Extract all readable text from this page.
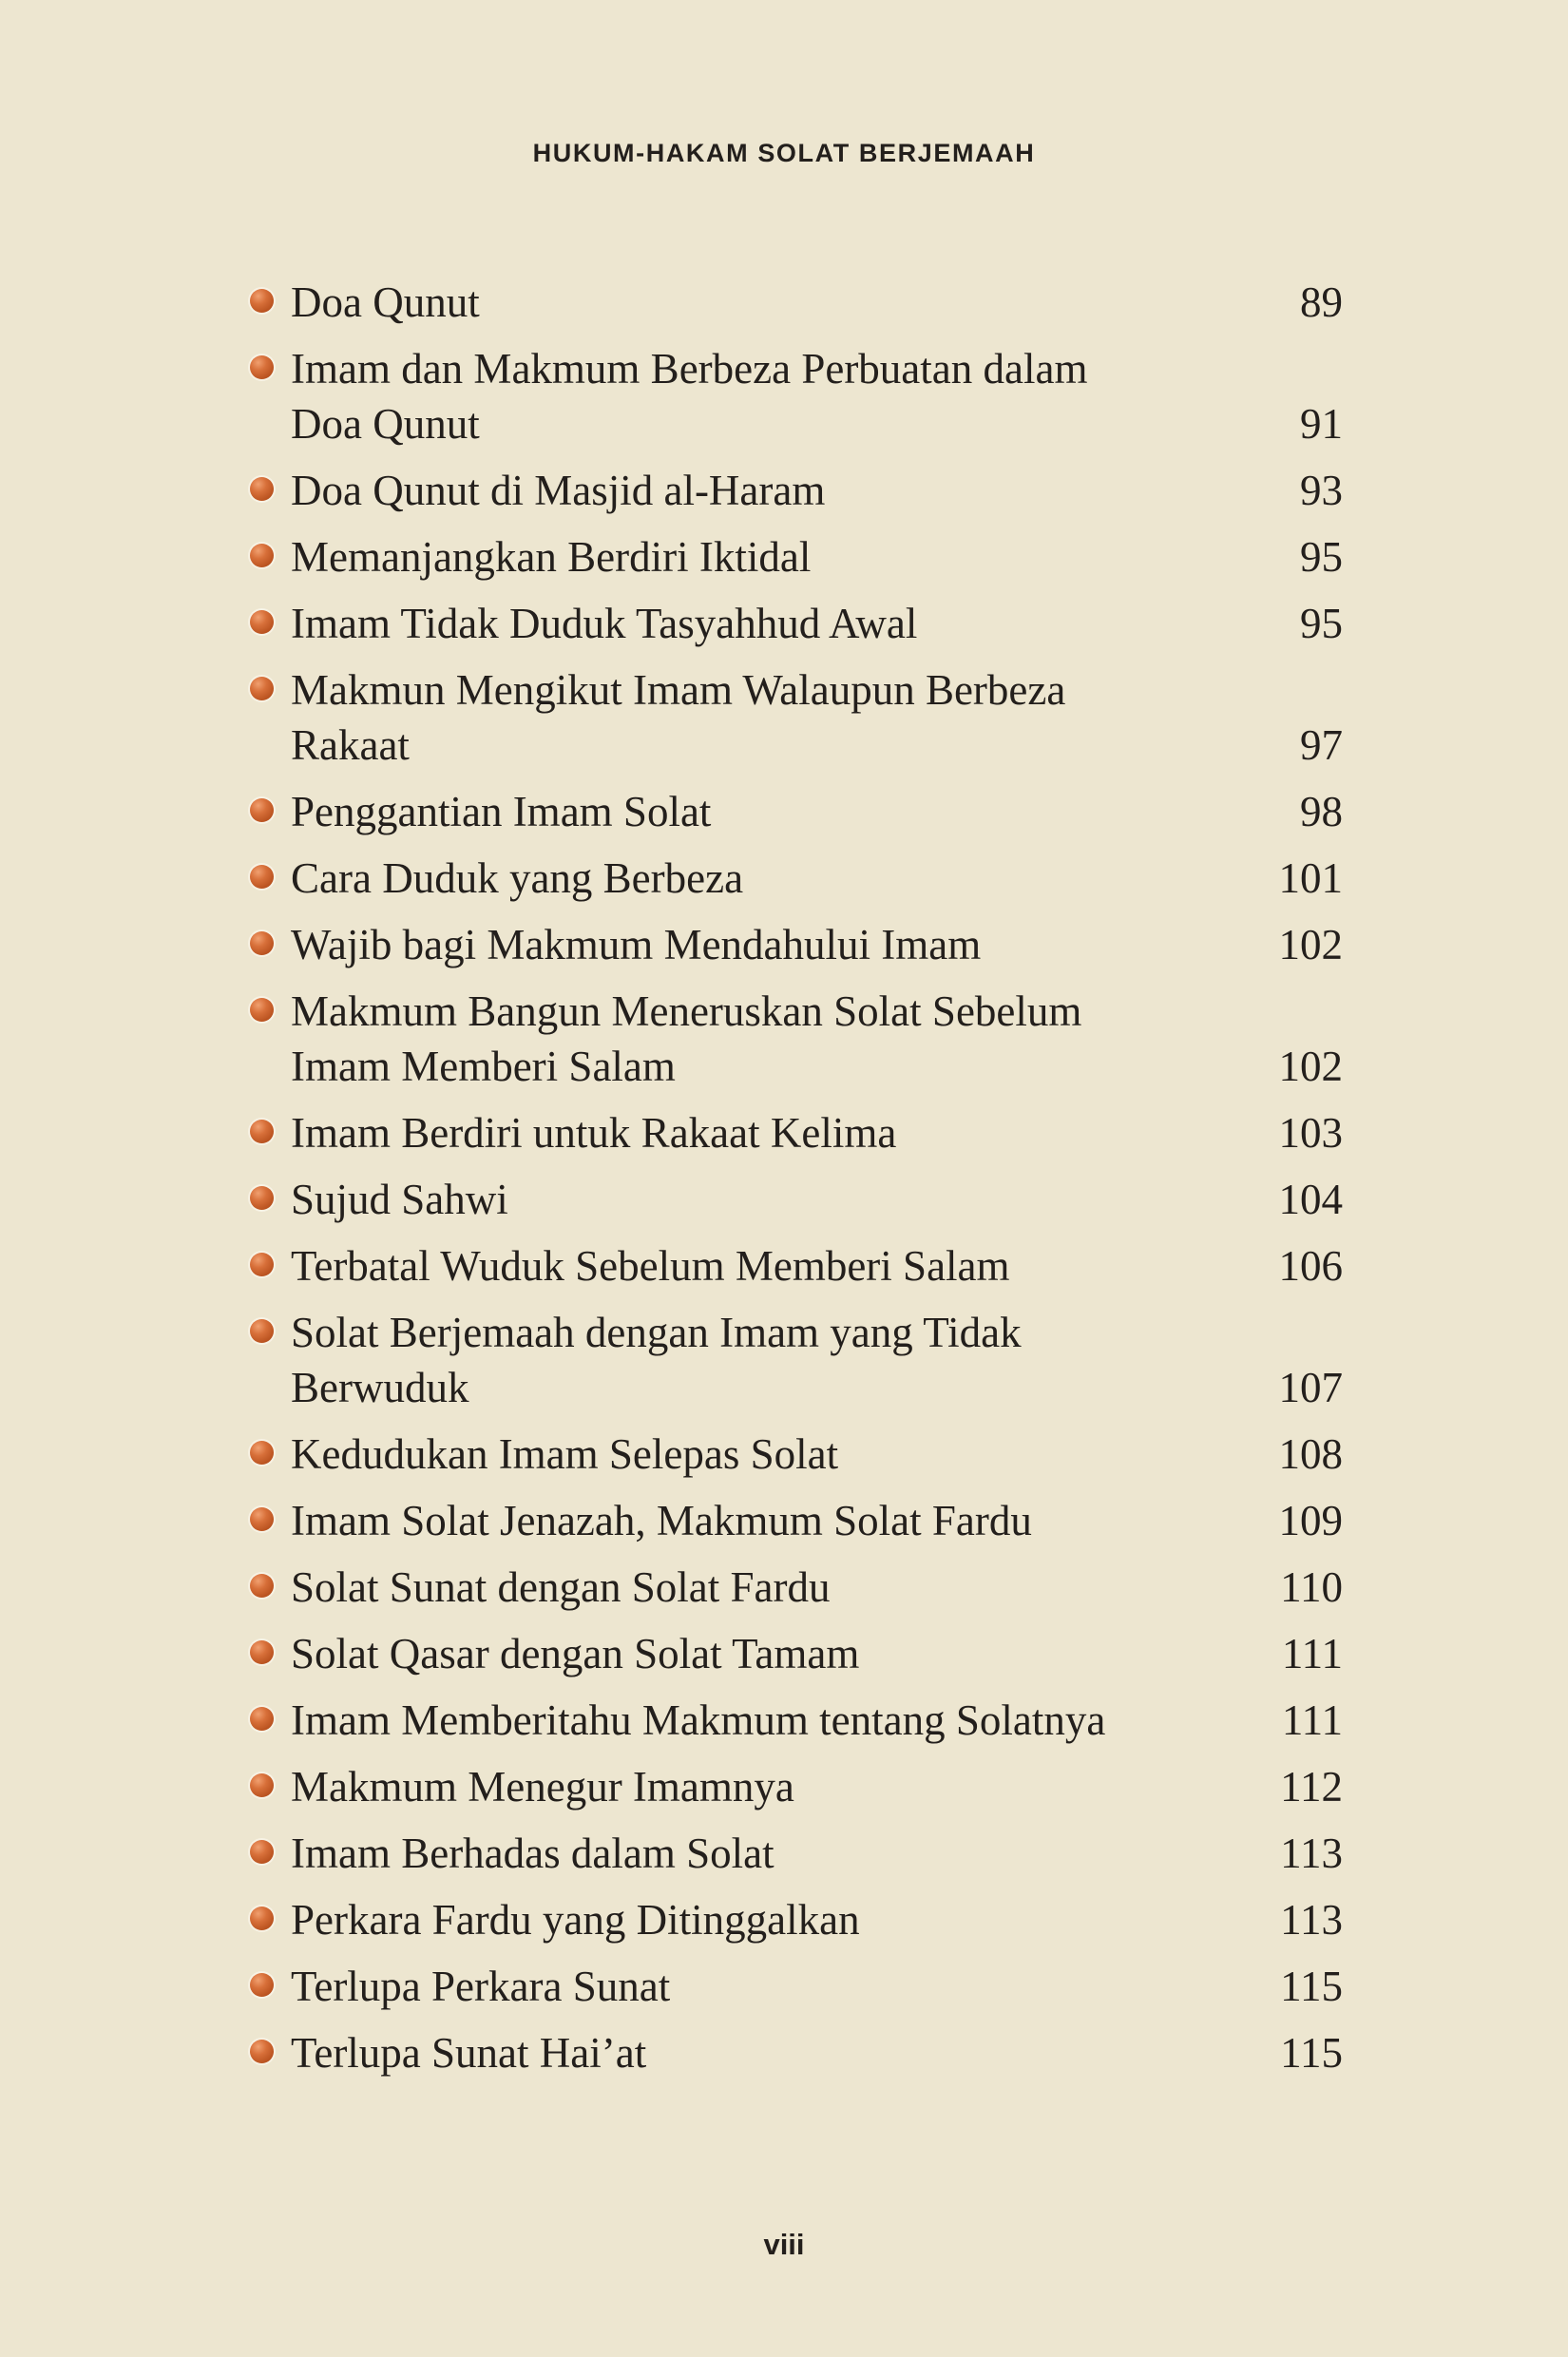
HUKUM-HAKAM SOLAT BERJEMAAH
Doa Qunut	89
Imam dan Makmum Berbeza Perbuatan dalam
Doa Qunut	91
Doa Qunut di Masjid al-Haram	93
Memanjangkan Berdiri Iktidal	95
Imam Tidak Duduk Tasyahhud Awal	95
Makmun Mengikut Imam Walaupun Berbeza
Rakaat	97
Penggantian Imam Solat	98
Cara Duduk yang Berbeza	101
Wajib bagi Makmum Mendahului Imam	102
Makmum Bangun Meneruskan Solat Sebelum
Imam Memberi Salam	102
Imam Berdiri untuk Rakaat Kelima	103
Sujud Sahwi	104
Terbatal Wuduk Sebelum Memberi Salam	106
Solat Berjemaah dengan Imam yang Tidak
Berwuduk	107
Kedudukan Imam Selepas Solat	108
Imam Solat Jenazah, Makmum Solat Fardu	109
Solat Sunat dengan Solat Fardu	110
Solat Qasar dengan Solat Tamam	111
Imam Memberitahu Makmum tentang Solatnya	111
Makmum Menegur Imamnya	112
Imam Berhadas dalam Solat	113
Perkara Fardu yang Ditinggalkan	113
Terlupa Perkara Sunat	115
Terlupa Sunat Hai’at	115
viii
